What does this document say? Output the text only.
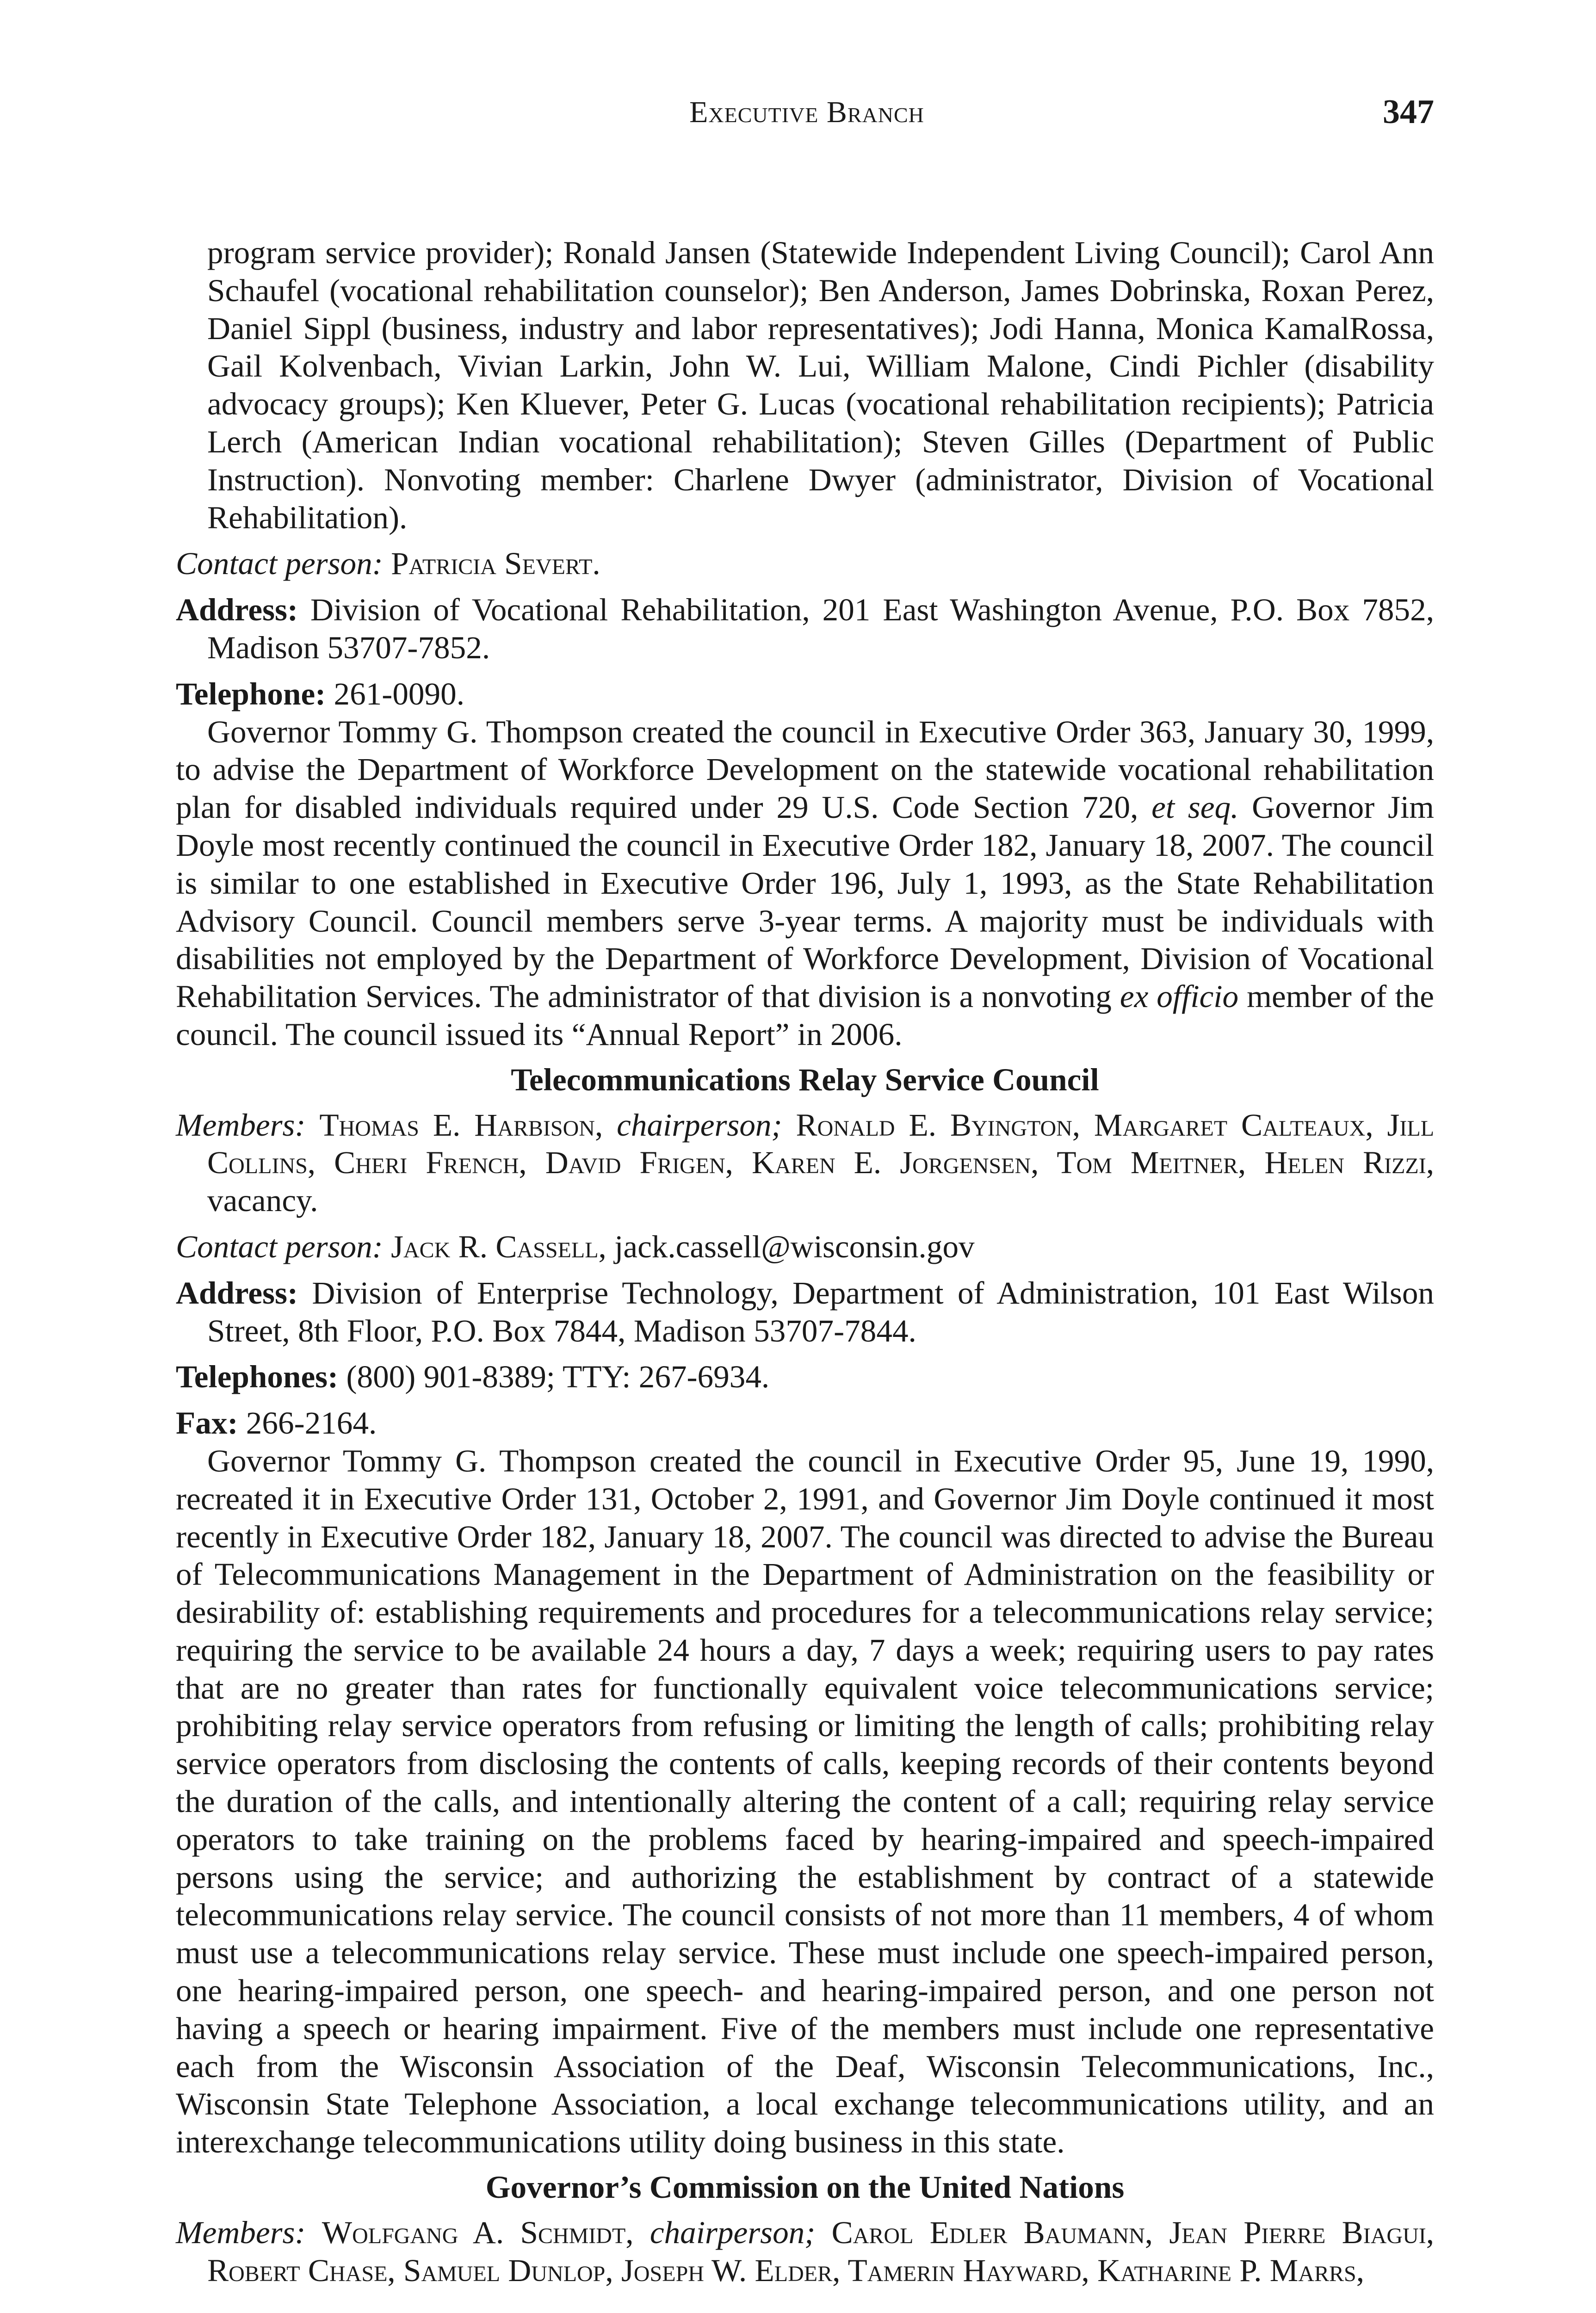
Executive Branch	347

program service provider); Ronald Jansen (Statewide Independent Living Council); Carol Ann Schaufel (vocational rehabilitation counselor); Ben Anderson, James Dobrinska, Roxan Perez, Daniel Sippl (business, industry and labor representatives); Jodi Hanna, Monica KamalRossa, Gail Kolvenbach, Vivian Larkin, John W. Lui, William Malone, Cindi Pichler (disability advocacy groups); Ken Kluever, Peter G. Lucas (vocational rehabilitation recipients); Patricia Lerch (American Indian vocational rehabilitation); Steven Gilles (Department of Public Instruction). Nonvoting member: Charlene Dwyer (administrator, Division of Vocational Rehabilitation).

Contact person: Patricia Severt.

Address: Division of Vocational Rehabilitation, 201 East Washington Avenue, P.O. Box 7852, Madison 53707-7852.

Telephone: 261-0090.

Governor Tommy G. Thompson created the council in Executive Order 363, January 30, 1999, to advise the Department of Workforce Development on the statewide vocational rehabilitation plan for disabled individuals required under 29 U.S. Code Section 720, et seq. Governor Jim Doyle most recently continued the council in Executive Order 182, January 18, 2007. The council is similar to one established in Executive Order 196, July 1, 1993, as the State Rehabilitation Advisory Council. Council members serve 3-year terms. A majority must be individuals with disabilities not employed by the Department of Workforce Development, Division of Vocational Rehabilitation Services. The administrator of that division is a nonvoting ex officio member of the council. The council issued its “Annual Report” in 2006.

Telecommunications Relay Service Council

Members: Thomas E. Harbison, chairperson; Ronald E. Byington, Margaret Calteaux, Jill Collins, Cheri French, David Frigen, Karen E. Jorgensen, Tom Meitner, Helen Rizzi, vacancy.

Contact person: Jack R. Cassell, jack.cassell@wisconsin.gov

Address: Division of Enterprise Technology, Department of Administration, 101 East Wilson Street, 8th Floor, P.O. Box 7844, Madison 53707-7844.

Telephones: (800) 901-8389; TTY: 267-6934.

Fax: 266-2164.

Governor Tommy G. Thompson created the council in Executive Order 95, June 19, 1990, recreated it in Executive Order 131, October 2, 1991, and Governor Jim Doyle continued it most recently in Executive Order 182, January 18, 2007. The council was directed to advise the Bureau of Telecommunications Management in the Department of Administration on the feasibility or desirability of: establishing requirements and procedures for a telecommunications relay service; requiring the service to be available 24 hours a day, 7 days a week; requiring users to pay rates that are no greater than rates for functionally equivalent voice telecommunications service; prohibiting relay service operators from refusing or limiting the length of calls; prohibiting relay service operators from disclosing the contents of calls, keeping records of their contents beyond the duration of the calls, and intentionally altering the content of a call; requiring relay service operators to take training on the problems faced by hearing-impaired and speech-impaired persons using the service; and authorizing the establishment by contract of a statewide telecommunications relay service. The council consists of not more than 11 members, 4 of whom must use a telecommunications relay service. These must include one speech-impaired person, one hearing-impaired person, one speech- and hearing-impaired person, and one person not having a speech or hearing impairment. Five of the members must include one representative each from the Wisconsin Association of the Deaf, Wisconsin Telecommunications, Inc., Wisconsin State Telephone Association, a local exchange telecommunications utility, and an interexchange telecommunications utility doing business in this state.

Governor’s Commission on the United Nations

Members: Wolfgang A. Schmidt, chairperson; Carol Edler Baumann, Jean Pierre Biagui, Robert Chase, Samuel Dunlop, Joseph W. Elder, Tamerin Hayward, Katharine P. Marrs,
